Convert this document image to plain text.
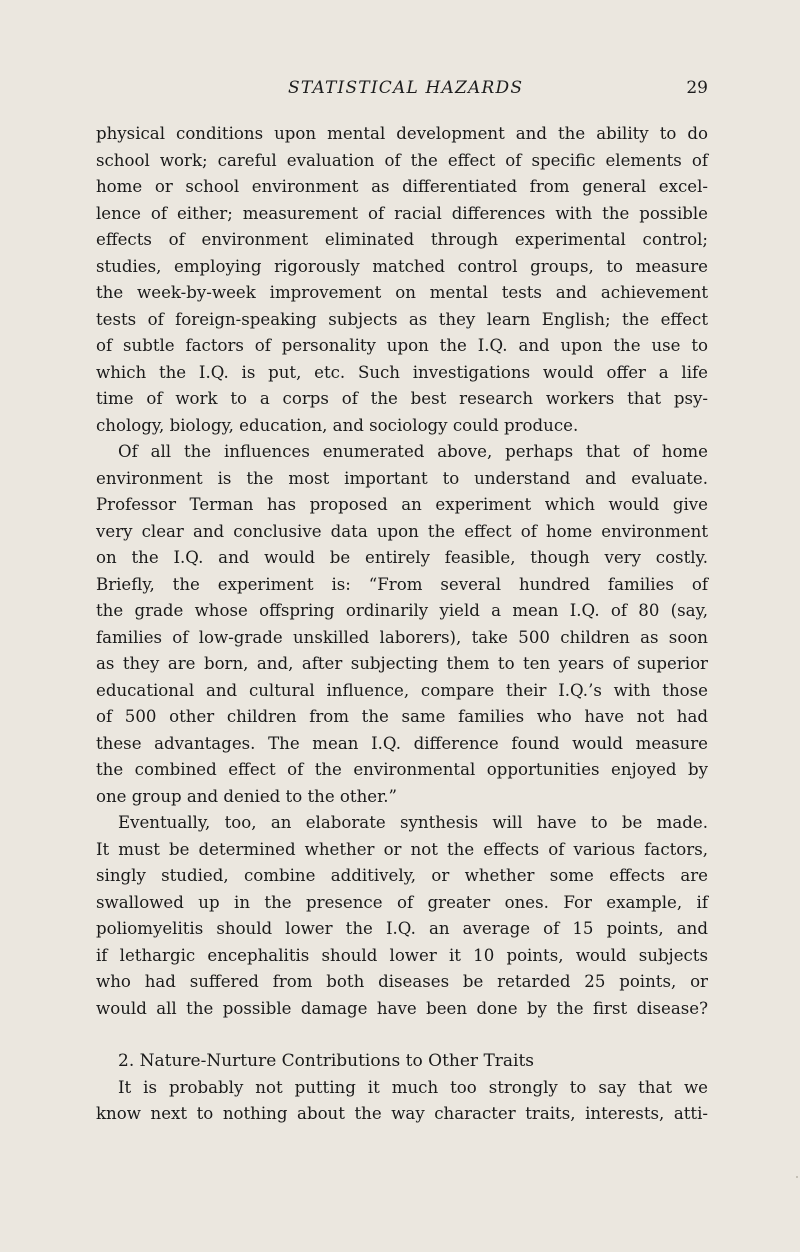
STATISTICAL HAZARDS	29

physical conditions upon mental development and the ability to do
school work; careful evaluation of the effect of specific elements of
home or school environment as differentiated from general excel-
lence of either; measurement of racial differences with the possible
effects of environment eliminated through experimental control;
studies, employing rigorously matched control groups, to measure
the week-by-week improvement on mental tests and achievement
tests of foreign-speaking subjects as they learn English; the effect
of subtle factors of personality upon the I.Q. and upon the use to
which the I.Q. is put, etc. Such investigations would offer a life
time of work to a corps of the best research workers that psy-
chology, biology, education, and sociology could produce.

Of all the influences enumerated above, perhaps that of home
environment is the most important to understand and evaluate.
Professor Terman has proposed an experiment which would give
very clear and conclusive data upon the effect of home environment
on the I.Q. and would be entirely feasible, though very costly.
Briefly, the experiment is: “From several hundred families of
the grade whose offspring ordinarily yield a mean I.Q. of 80 (say,
families of low-grade unskilled laborers), take 500 children as soon
as they are born, and, after subjecting them to ten years of superior
educational and cultural influence, compare their I.Q.’s with those
of 500 other children from the same families who have not had
these advantages. The mean I.Q. difference found would measure
the combined effect of the environmental opportunities enjoyed by
one group and denied to the other.”

Eventually, too, an elaborate synthesis will have to be made.
It must be determined whether or not the effects of various factors,
singly studied, combine additively, or whether some effects are
swallowed up in the presence of greater ones. For example, if
poliomyelitis should lower the I.Q. an average of 15 points, and
if lethargic encephalitis should lower it 10 points, would subjects
who had suffered from both diseases be retarded 25 points, or
would all the possible damage have been done by the first disease?

2. Nature-Nurture Contributions to Other Traits

It is probably not putting it much too strongly to say that we
know next to nothing about the way character traits, interests, atti-
